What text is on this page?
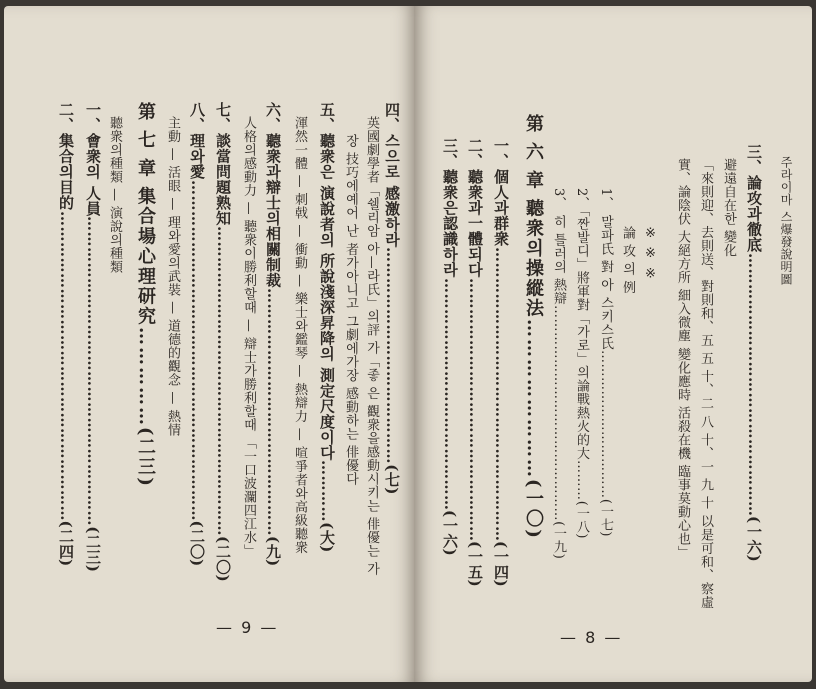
— 9 —
四、스으로 感激하라……………………………………(七)
英國劇學者「쉘리암 아—라氏」의評 가「좋 은 觀衆을感動시키는 俳優는 가
장 技巧에예어 난 者가아니고 그劇에가장 感動하는 俳優다
五、聽衆은 演說者의 所說淺深昇降의 測定尺度이다…………(大)
渾然一體 — 刺戟 — 衝動 — 樂士와鑑琴 — 熱辯力 — 喧爭者와高級聽衆
六、聽衆과辯士의相關制裁…………………………………………(九)
人格의感動力 — 聽衆이勝利할때 — 辯士가勝利할때 「一口波瀾四江水」
七、談當問題熟知……………………………………………………(二〇)
八、理와愛…………………………………………………………(二〇)
主動 — 活眼 — 理와愛의武裝 — 道德的觀念 — 熱情
第 七 章 集合場心理研究……………(二三)
聽衆의種類 — 演說의種類
一、會衆의 人員……………………………………………………(二三)
二、集合의目的……………………………………………………(二四)
— 8 —
주라이마 스爆發說明圖
三、論攻과徹底……………………………………………(一六)
避遠自在한 變化
「來則迎、去則送、對則和、五 五 十、二 八 十、一 九 十 以是可和、察虛
實、論陰伏 大絕方所 細入微塵 變化應時 活殺在機 臨事莫動心也」
※ ※ ※
論 攻 의 例
1、 말파氏 對 아 스키스氏……………………………(一七)
2、「짠발디」將軍對「가로」의論戰熱火的大………(一八)
3、 히 틀러의 熱辯…………………………………………(一九)
第 六 章 聽衆의操縱法……………………(一〇)
一、個人과群衆…………………………………………………(一四)
二、聽衆과一體되다……………………………………………(一五)
三、聽衆은認識하라………………………………………(一六)
